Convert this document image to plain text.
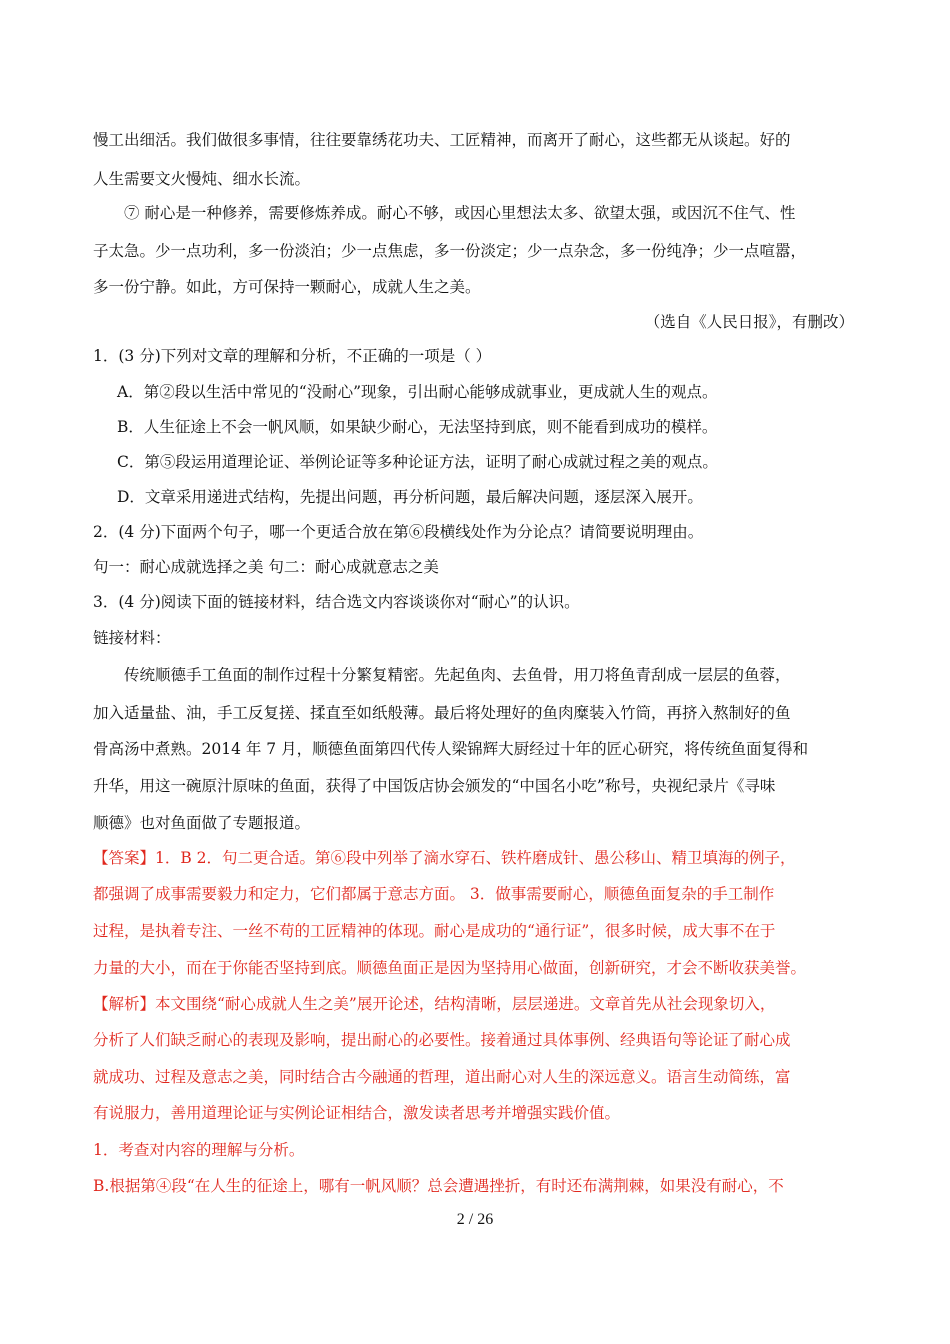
慢工出细活。我们做很多事情，往往要靠绣花功夫、工匠精神，而离开了耐心，这些都无从谈起。好的
人生需要文火慢炖、细水长流。
⑦ 耐心是一种修养，需要修炼养成。耐心不够，或因心里想法太多、欲望太强，或因沉不住气、性
子太急。少一点功利，多一份淡泊；少一点焦虑，多一份淡定；少一点杂念，多一份纯净；少一点喧嚣，
多一份宁静。如此，方可保持一颗耐心，成就人生之美。
（选自《人民日报》，有删改）
1．(3 分)下列对文章的理解和分析，不正确的一项是（ ）
A．第②段以生活中常见的“没耐心”现象，引出耐心能够成就事业，更成就人生的观点。
B．人生征途上不会一帆风顺，如果缺少耐心，无法坚持到底，则不能看到成功的模样。
C．第⑤段运用道理论证、举例论证等多种论证方法，证明了耐心成就过程之美的观点。
D．文章采用递进式结构，先提出问题，再分析问题，最后解决问题，逐层深入展开。
2．(4 分)下面两个句子，哪一个更适合放在第⑥段横线处作为分论点？请简要说明理由。
句一：耐心成就选择之美 句二：耐心成就意志之美
3．(4 分)阅读下面的链接材料，结合选文内容谈谈你对“耐心”的认识。
链接材料：
传统顺德手工鱼面的制作过程十分繁复精密。先起鱼肉、去鱼骨，用刀将鱼青刮成一层层的鱼蓉，
加入适量盐、油，手工反复搓、揉直至如纸般薄。最后将处理好的鱼肉糜装入竹筒，再挤入熬制好的鱼
骨高汤中煮熟。2014 年 7 月，顺德鱼面第四代传人梁锦辉大厨经过十年的匠心研究，将传统鱼面复得和
升华，用这一碗原汁原味的鱼面，获得了中国饭店协会颁发的“中国名小吃”称号，央视纪录片《寻味
顺德》也对鱼面做了专题报道。
【答案】1．B 2．句二更合适。第⑥段中列举了滴水穿石、铁杵磨成针、愚公移山、精卫填海的例子，
都强调了成事需要毅力和定力，它们都属于意志方面。 3．做事需要耐心，顺德鱼面复杂的手工制作
过程，是执着专注、一丝不苟的工匠精神的体现。耐心是成功的“通行证”，很多时候，成大事不在于
力量的大小，而在于你能否坚持到底。顺德鱼面正是因为坚持用心做面，创新研究，才会不断收获美誉。
【解析】本文围绕“耐心成就人生之美”展开论述，结构清晰，层层递进。文章首先从社会现象切入，
分析了人们缺乏耐心的表现及影响，提出耐心的必要性。接着通过具体事例、经典语句等论证了耐心成
就成功、过程及意志之美，同时结合古今融通的哲理，道出耐心对人生的深远意义。语言生动简练，富
有说服力，善用道理论证与实例论证相结合，激发读者思考并增强实践价值。
1．考查对内容的理解与分析。
B.根据第④段“在人生的征途上，哪有一帆风顺？总会遭遇挫折，有时还布满荆棘，如果没有耐心，不
2 / 26
